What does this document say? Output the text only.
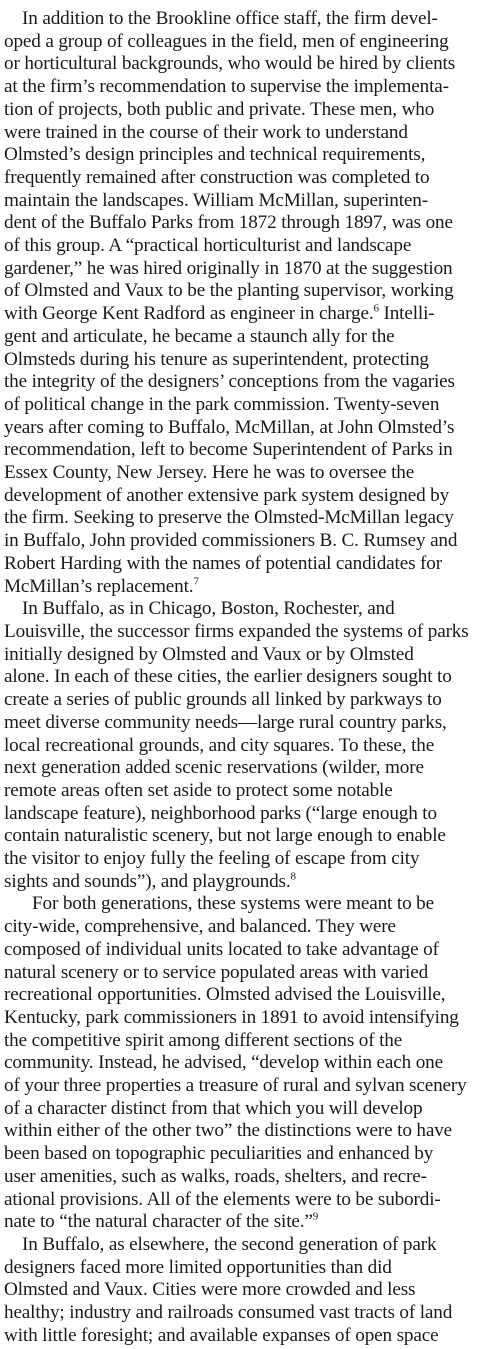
In addition to the Brookline office staff, the firm devel-
oped a group of colleagues in the field, men of engineering
or horticultural backgrounds, who would be hired by clients
at the firm’s recommendation to supervise the implementa-
tion of projects, both public and private. These men, who
were trained in the course of their work to understand
Olmsted’s design principles and technical requirements,
frequently remained after construction was completed to
maintain the landscapes. William McMillan, superinten-
dent of the Buffalo Parks from 1872 through 1897, was one
of this group. A “practical horticulturist and landscape
gardener,” he was hired originally in 1870 at the suggestion
of Olmsted and Vaux to be the planting supervisor, working
with George Kent Radford as engineer in charge.$^6$ Intelli-
gent and articulate, he became a staunch ally for the
Olmsteds during his tenure as superintendent, protecting
the integrity of the designers’ conceptions from the vagaries
of political change in the park commission. Twenty-seven
years after coming to Buffalo, McMillan, at John Olmsted’s
recommendation, left to become Superintendent of Parks in
Essex County, New Jersey. Here he was to oversee the
development of another extensive park system designed by
the firm. Seeking to preserve the Olmsted-McMillan legacy
in Buffalo, John provided commissioners B. C. Rumsey and
Robert Harding with the names of potential candidates for
McMillan’s replacement.$^7$
In Buffalo, as in Chicago, Boston, Rochester, and
Louisville, the successor firms expanded the systems of parks
initially designed by Olmsted and Vaux or by Olmsted
alone. In each of these cities, the earlier designers sought to
create a series of public grounds all linked by parkways to
meet diverse community needs—large rural country parks,
local recreational grounds, and city squares. To these, the
next generation added scenic reservations (wilder, more
remote areas often set aside to protect some notable
landscape feature), neighborhood parks (“large enough to
contain naturalistic scenery, but not large enough to enable
the visitor to enjoy fully the feeling of escape from city
sights and sounds”), and playgrounds.$^8$
For both generations, these systems were meant to be
city-wide, comprehensive, and balanced. They were
composed of individual units located to take advantage of
natural scenery or to service populated areas with varied
recreational opportunities. Olmsted advised the Louisville,
Kentucky, park commissioners in 1891 to avoid intensifying
the competitive spirit among different sections of the
community. Instead, he advised, “develop within each one
of your three properties a treasure of rural and sylvan scenery
of a character distinct from that which you will develop
within either of the other two” the distinctions were to have
been based on topographic peculiarities and enhanced by
user amenities, such as walks, roads, shelters, and recre-
ational provisions. All of the elements were to be subordi-
nate to “the natural character of the site.”$^9$
In Buffalo, as elsewhere, the second generation of park
designers faced more limited opportunities than did
Olmsted and Vaux. Cities were more crowded and less
healthy; industry and railroads consumed vast tracts of land
with little foresight; and available expanses of open space
